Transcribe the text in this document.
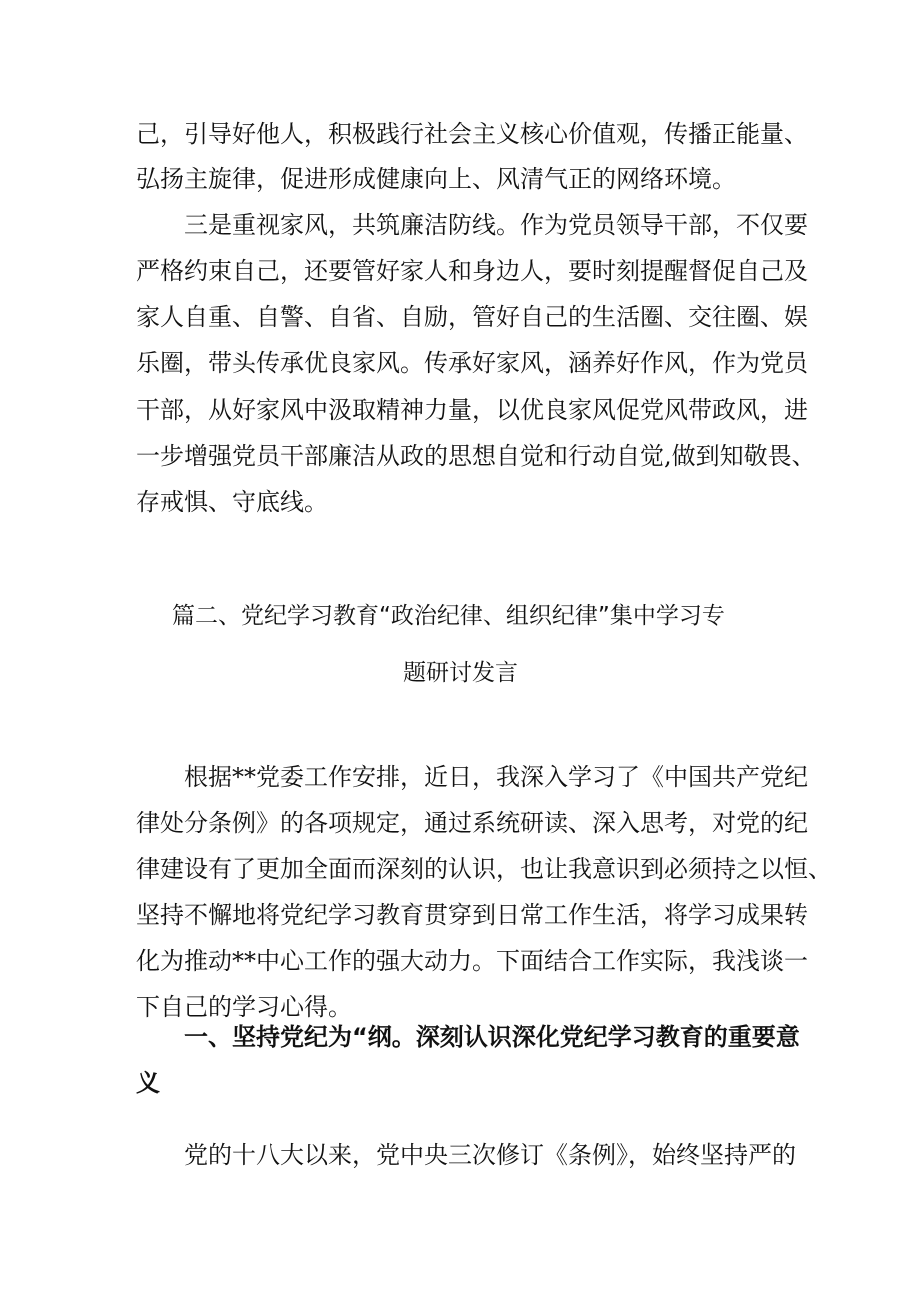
己，引导好他人，积极践行社会主义核心价值观，传播正能量、
弘扬主旋律，促进形成健康向上、风清气正的网络环境。
三是重视家风，共筑廉洁防线。作为党员领导干部，不仅要
严格约束自己，还要管好家人和身边人，要时刻提醒督促自己及
家人自重、自警、自省、自励，管好自己的生活圈、交往圈、娱
乐圈，带头传承优良家风。传承好家风，涵养好作风，作为党员
干部，从好家风中汲取精神力量，以优良家风促党风带政风，进
一步增强党员干部廉洁从政的思想自觉和行动自觉,做到知敬畏、
存戒惧、守底线。
篇二、党纪学习教育“政治纪律、组织纪律”集中学习专
题研讨发言
根据**党委工作安排，近日，我深入学习了《中国共产党纪
律处分条例》的各项规定，通过系统研读、深入思考，对党的纪
律建设有了更加全面而深刻的认识，也让我意识到必须持之以恒、
坚持不懈地将党纪学习教育贯穿到日常工作生活，将学习成果转
化为推动**中心工作的强大动力。下面结合工作实际，我浅谈一
下自己的学习心得。
一、坚持党纪为“纲。深刻认识深化党纪学习教育的重要意
义
党的十八大以来，党中央三次修订《条例》，始终坚持严的
